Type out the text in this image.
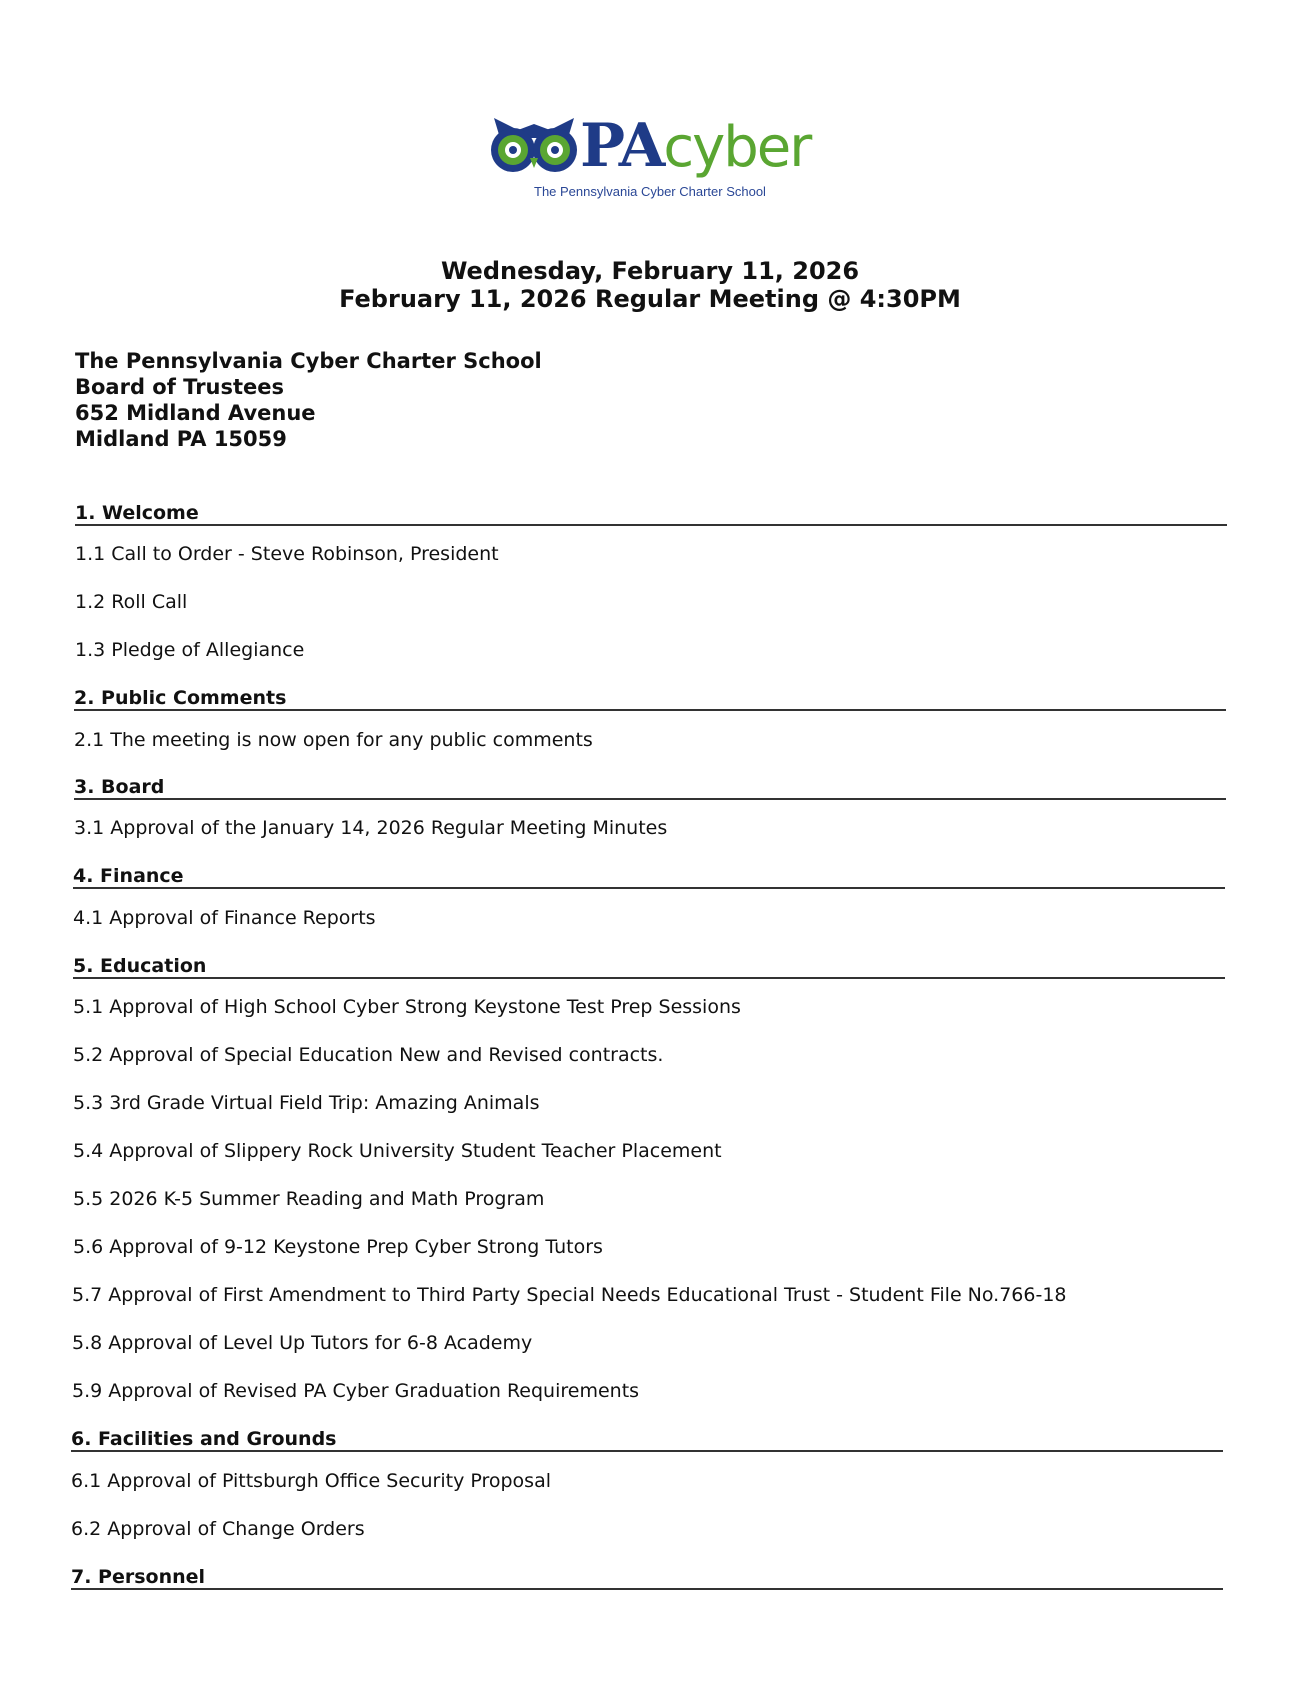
PAcyber
The Pennsylvania Cyber Charter School
Wednesday, February 11, 2026
February 11, 2026 Regular Meeting @ 4:30PM
The Pennsylvania Cyber Charter School
Board of Trustees
652 Midland Avenue
Midland PA 15059
1. Welcome
1.1 Call to Order - Steve Robinson, President
1.2 Roll Call
1.3 Pledge of Allegiance
2. Public Comments
2.1 The meeting is now open for any public comments
3. Board
3.1 Approval of the January 14, 2026 Regular Meeting Minutes
4. Finance
4.1 Approval of Finance Reports
5. Education
5.1 Approval of High School Cyber Strong Keystone Test Prep Sessions
5.2 Approval of Special Education New and Revised contracts.
5.3 3rd Grade Virtual Field Trip: Amazing Animals
5.4 Approval of Slippery Rock University Student Teacher Placement
5.5 2026 K-5 Summer Reading and Math Program
5.6 Approval of 9-12 Keystone Prep Cyber Strong Tutors
5.7 Approval of First Amendment to Third Party Special Needs Educational Trust - Student File No.766-18
5.8 Approval of Level Up Tutors for 6-8 Academy
5.9 Approval of Revised PA Cyber Graduation Requirements
6. Facilities and Grounds
6.1 Approval of Pittsburgh Office Security Proposal
6.2 Approval of Change Orders
7. Personnel
